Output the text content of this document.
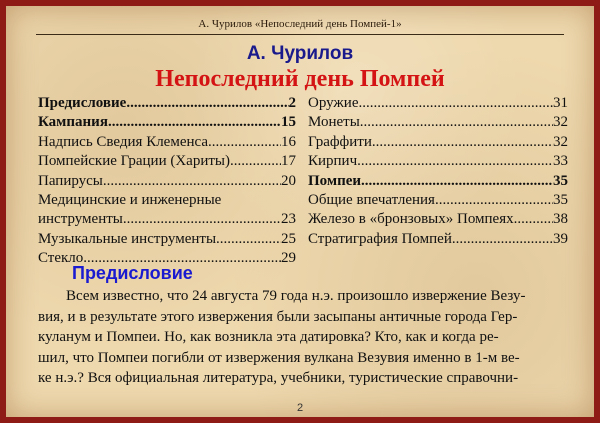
А. Чурилов «Непоследний день Помпей-1»
А. Чурилов
Непоследний день Помпей
Предисловие .....	2
Кампания .....	15
Надпись Сведия Клеменса .....	16
Помпейские Грации (Хариты) .....	17
Папирусы .....	20
Медицинские и инженерные
инструменты .....	23
Музыкальные инструменты .....	25
Стекло .....	29
Оружие .....	31
Монеты .....	32
Граффити .....	32
Кирпич .....	33
Помпеи .....	35
Общие впечатления .....	35
Железо в «бронзовых» Помпеях .....	38
Стратиграфия Помпей .....	39
Предисловие
Всем известно, что 24 августа 79 года н.э. произошло извержение Везу-
вия, и в результате этого извержения были засыпаны античные города Гер-
куланум и Помпеи. Но, как возникла эта датировка? Кто, как и когда ре-
шил, что Помпеи погибли от извержения вулкана Везувия именно в 1-м ве-
ке н.э.? Вся официальная литература, учебники, туристические справочни-
2
